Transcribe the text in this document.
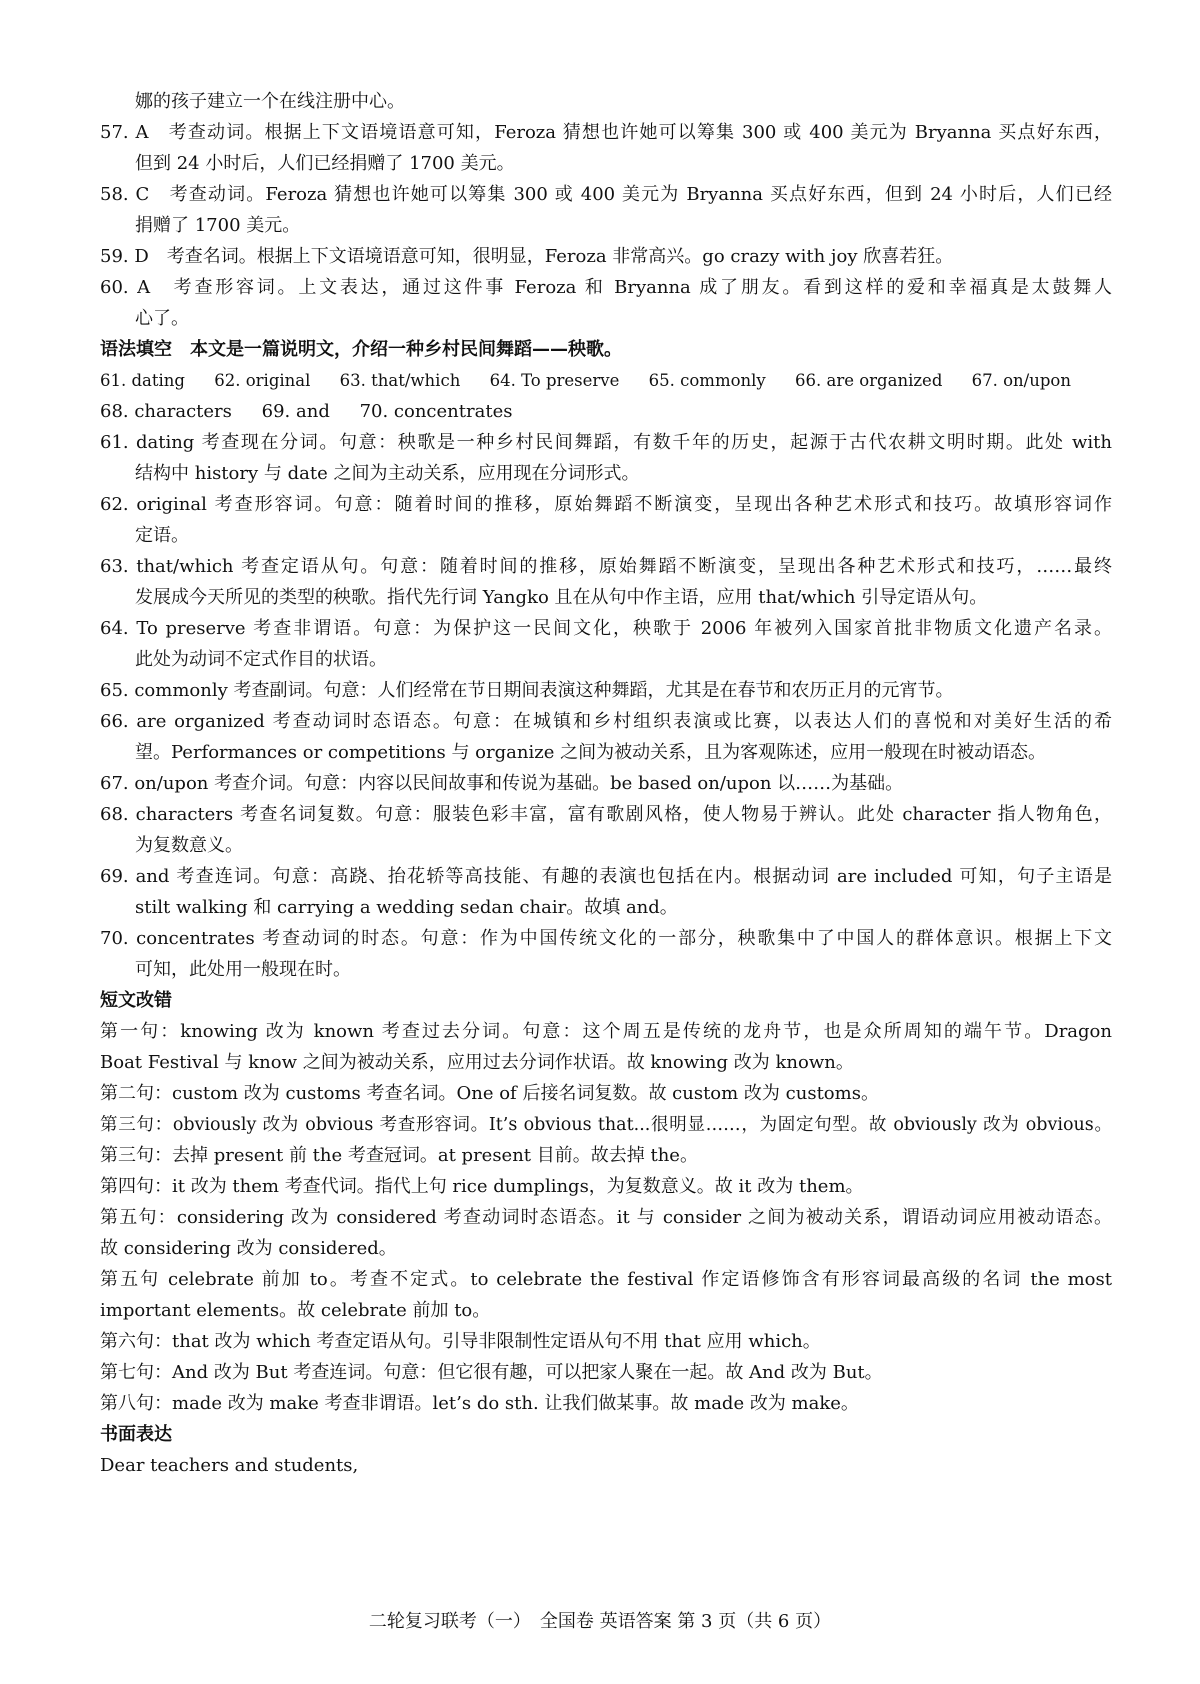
娜的孩子建立一个在线注册中心。
57. A　考查动词。根据上下文语境语意可知，Feroza 猜想也许她可以筹集 300 或 400 美元为 Bryanna 买点好东西，
但到 24 小时后，人们已经捐赠了 1700 美元。
58. C　考查动词。Feroza 猜想也许她可以筹集 300 或 400 美元为 Bryanna 买点好东西，但到 24 小时后，人们已经
捐赠了 1700 美元。
59. D　考查名词。根据上下文语境语意可知，很明显，Feroza 非常高兴。go crazy with joy 欣喜若狂。
60. A　考查形容词。上文表达，通过这件事 Feroza 和 Bryanna 成了朋友。看到这样的爱和幸福真是太鼓舞人
心了。
语法填空　本文是一篇说明文，介绍一种乡村民间舞蹈——秧歌。
61. dating 62. original 63. that/which 64. To preserve 65. commonly 66. are organized 67. on/upon
68. characters 69. and 70. concentrates
61. dating 考查现在分词。句意：秧歌是一种乡村民间舞蹈，有数千年的历史，起源于古代农耕文明时期。此处 with
结构中 history 与 date 之间为主动关系，应用现在分词形式。
62. original 考查形容词。句意：随着时间的推移，原始舞蹈不断演变，呈现出各种艺术形式和技巧。故填形容词作
定语。
63. that/which 考查定语从句。句意：随着时间的推移，原始舞蹈不断演变，呈现出各种艺术形式和技巧，……最终
发展成今天所见的类型的秧歌。指代先行词 Yangko 且在从句中作主语，应用 that/which 引导定语从句。
64. To preserve 考查非谓语。句意：为保护这一民间文化，秧歌于 2006 年被列入国家首批非物质文化遗产名录。
此处为动词不定式作目的状语。
65. commonly 考查副词。句意：人们经常在节日期间表演这种舞蹈，尤其是在春节和农历正月的元宵节。
66. are organized 考查动词时态语态。句意：在城镇和乡村组织表演或比赛，以表达人们的喜悦和对美好生活的希
望。Performances or competitions 与 organize 之间为被动关系，且为客观陈述，应用一般现在时被动语态。
67. on/upon 考查介词。句意：内容以民间故事和传说为基础。be based on/upon 以……为基础。
68. characters 考查名词复数。句意：服装色彩丰富，富有歌剧风格，使人物易于辨认。此处 character 指人物角色，
为复数意义。
69. and 考查连词。句意：高跷、抬花轿等高技能、有趣的表演也包括在内。根据动词 are included 可知，句子主语是
stilt walking 和 carrying a wedding sedan chair。故填 and。
70. concentrates 考查动词的时态。句意：作为中国传统文化的一部分，秧歌集中了中国人的群体意识。根据上下文
可知，此处用一般现在时。
短文改错
第一句：knowing 改为 known 考查过去分词。句意：这个周五是传统的龙舟节，也是众所周知的端午节。Dragon
Boat Festival 与 know 之间为被动关系，应用过去分词作状语。故 knowing 改为 known。
第二句：custom 改为 customs 考查名词。One of 后接名词复数。故 custom 改为 customs。
第三句：obviously 改为 obvious 考查形容词。It’s obvious that...很明显……，为固定句型。故 obviously 改为 obvious。
第三句：去掉 present 前 the 考查冠词。at present 目前。故去掉 the。
第四句：it 改为 them 考查代词。指代上句 rice dumplings，为复数意义。故 it 改为 them。
第五句：considering 改为 considered 考查动词时态语态。it 与 consider 之间为被动关系，谓语动词应用被动语态。
故 considering 改为 considered。
第五句 celebrate 前加 to。考查不定式。to celebrate the festival 作定语修饰含有形容词最高级的名词 the most
important elements。故 celebrate 前加 to。
第六句：that 改为 which 考查定语从句。引导非限制性定语从句不用 that 应用 which。
第七句：And 改为 But 考查连词。句意：但它很有趣，可以把家人聚在一起。故 And 改为 But。
第八句：made 改为 make 考查非谓语。let’s do sth. 让我们做某事。故 made 改为 make。
书面表达
Dear teachers and students,
二轮复习联考（一）　全国卷 英语答案 第 3 页（共 6 页）
